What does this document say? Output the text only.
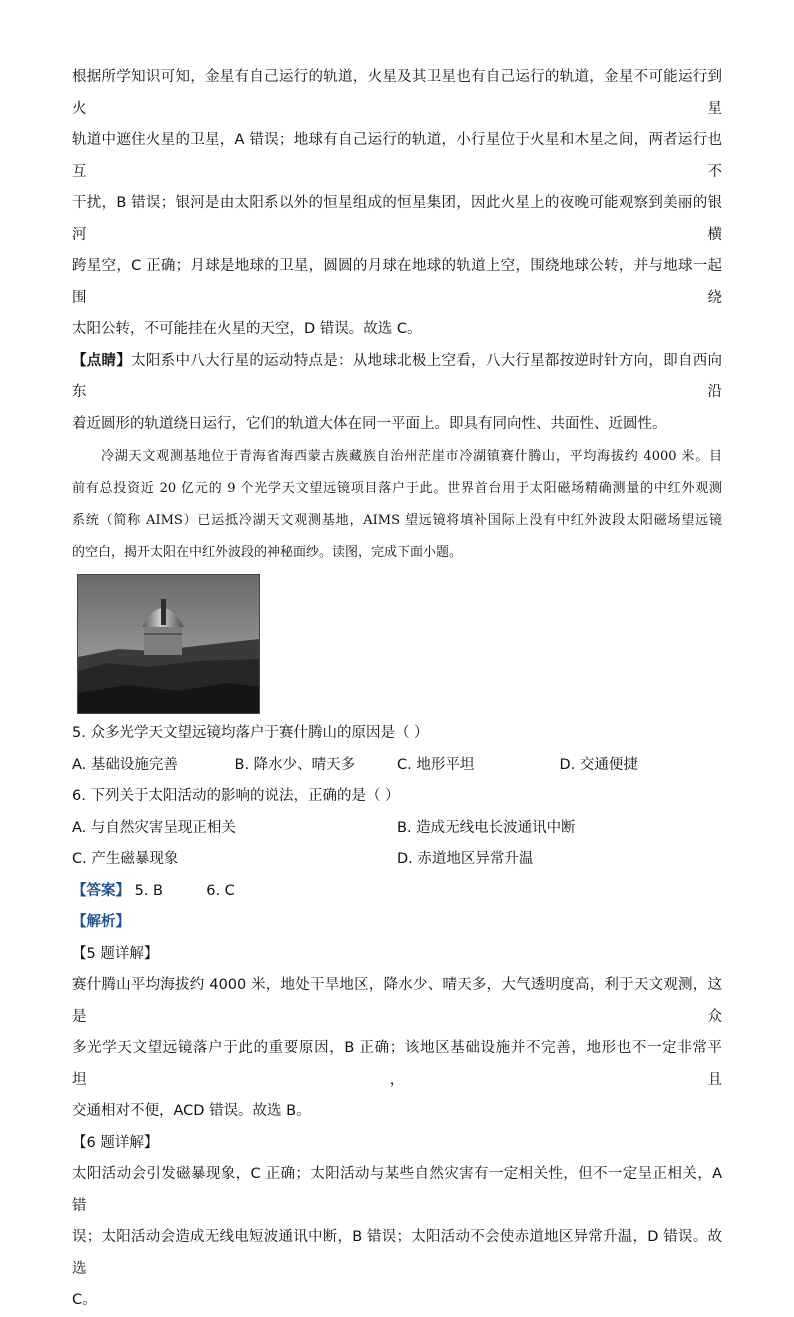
根据所学知识可知，金星有自己运行的轨道，火星及其卫星也有自己运行的轨道，金星不可能运行到火星

轨道中遮住火星的卫星，A 错误；地球有自己运行的轨道，小行星位于火星和木星之间，两者运行也互不

干扰，B 错误；银河是由太阳系以外的恒星组成的恒星集团，因此火星上的夜晚可能观察到美丽的银河横

跨星空，C 正确；月球是地球的卫星，圆圆的月球在地球的轨道上空，围绕地球公转，并与地球一起围绕

太阳公转，不可能挂在火星的天空，D 错误。故选 C。

【点睛】太阳系中八大行星的运动特点是：从地球北极上空看，八大行星都按逆时针方向，即自西向东沿

着近圆形的轨道绕日运行，它们的轨道大体在同一平面上。即具有同向性、共面性、近圆性。

冷湖天文观测基地位于青海省海西蒙古族藏族自治州茫崖市冷湖镇赛什腾山，平均海拔约 4000 米。目

前有总投资近 20 亿元的 9 个光学天文望远镜项目落户于此。世界首台用于太阳磁场精确测量的中红外观测

系统（简称 AIMS）已运抵冷湖天文观测基地，AIMS 望远镜将填补国际上没有中红外波段太阳磁场望远镜

的空白，揭开太阳在中红外波段的神秘面纱。读图，完成下面小题。

5. 众多光学天文望远镜均落户于赛什腾山的原因是（ ）

A. 基础设施完善	B. 降水少、晴天多	C. 地形平坦	D. 交通便捷

6. 下列关于太阳活动的影响的说法，正确的是（ ）

A. 与自然灾害呈现正相关	B. 造成无线电长波通讯中断
C. 产生磁暴现象	D. 赤道地区异常升温
【答案】 5. B	6. C
【解析】

【5 题详解】

赛什腾山平均海拔约 4000 米，地处干旱地区，降水少、晴天多，大气透明度高，利于天文观测，这是众

多光学天文望远镜落户于此的重要原因，B 正确；该地区基础设施并不完善，地形也不一定非常平坦，且

交通相对不便，ACD 错误。故选 B。

【6 题详解】

太阳活动会引发磁暴现象，C 正确；太阳活动与某些自然灾害有一定相关性，但不一定呈正相关，A 错

误；太阳活动会造成无线电短波通讯中断，B 错误；太阳活动不会使赤道地区异常升温，D 错误。故选

C。
